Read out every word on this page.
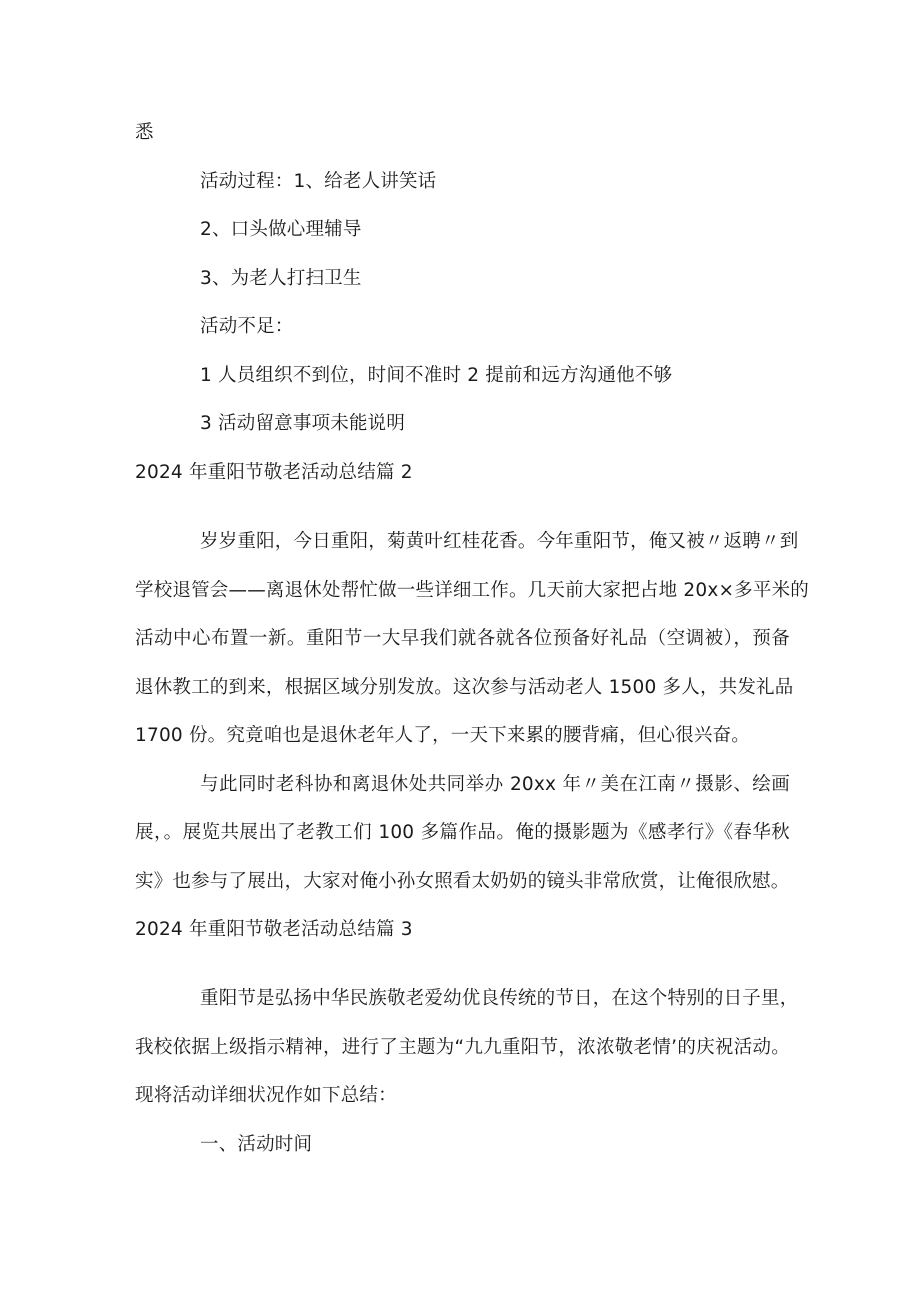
悉
活动过程：1、给老人讲笑话
2、口头做心理辅导
3、为老人打扫卫生
活动不足：
1 人员组织不到位，时间不准时 2 提前和远方沟通他不够
3 活动留意事项未能说明
2024 年重阳节敬老活动总结篇 2
岁岁重阳，今日重阳，菊黄叶红桂花香。今年重阳节，俺又被〃返聘〃到
学校退管会——离退休处帮忙做一些详细工作。几天前大家把占地 20x×多平米的
活动中心布置一新。重阳节一大早我们就各就各位预备好礼品（空调被），预备
退休教工的到来，根据区域分别发放。这次参与活动老人 1500 多人，共发礼品
1700 份。究竟咱也是退休老年人了，一天下来累的腰背痛，但心很兴奋。
与此同时老科协和离退休处共同举办 20xx 年〃美在江南〃摄影、绘画
展，。展览共展出了老教工们 100 多篇作品。俺的摄影题为《感孝行》《春华秋
实》也参与了展出，大家对俺小孙女照看太奶奶的镜头非常欣赏，让俺很欣慰。
2024 年重阳节敬老活动总结篇 3
重阳节是弘扬中华民族敬老爱幼优良传统的节日，在这个特别的日子里，
我校依据上级指示精神，进行了主题为“九九重阳节，浓浓敬老情’的庆祝活动。
现将活动详细状况作如下总结：
一、活动时间
